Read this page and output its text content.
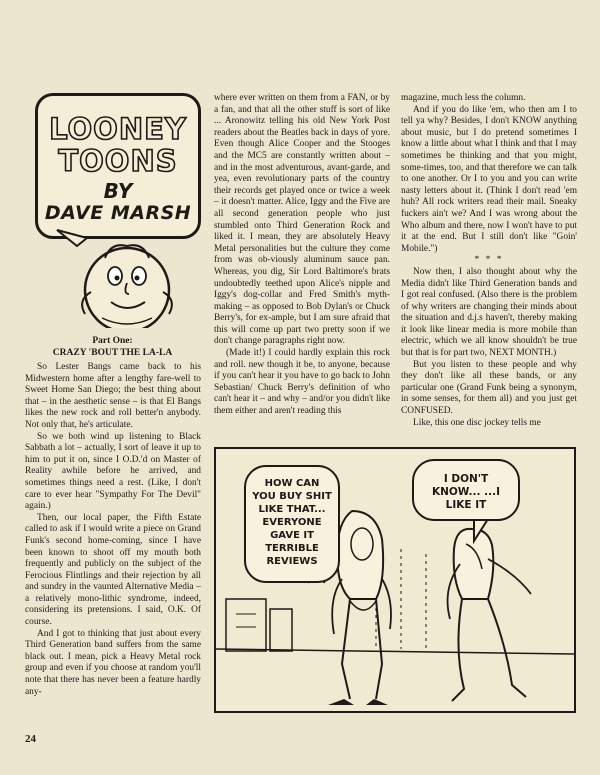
LOONEY
TOONS
BY
DAVE MARSH
Part One:
CRAZY 'BOUT THE LA-LA

So Lester Bangs came back to his Midwestern home after a lengthy fare-well to Sweet Home San Diego; the best thing about that – in the aesthetic sense – is that El Bangs likes the new rock and roll better'n anybody. Not only that, he's articulate.

So we both wind up listening to Black Sabbath a lot – actually, I sort of leave it up to him to put it on, since I O.D.'d on Master of Reality awhile before he arrived, and sometimes things need a rest. (Like, I don't care to ever hear "Sympathy For The Devil" again.)

Then, our local paper, the Fifth Estate called to ask if I would write a piece on Grand Funk's second home-coming, since I have been known to shoot off my mouth both frequently and publicly on the subject of the Ferocious Flintlings and their rejection by all and sundry in the vaunted Alternative Media – a relatively mono-lithic syndrome, indeed, considering its pretensions. I said, O.K. Of course.

And I got to thinking that just about every Third Generation band suffers from the same black out. I mean, pick a Heavy Metal rock group and even if you choose at random you'll note that there has never been a feature hardly any-

where ever written on them from a FAN, or by a fan, and that all the other stuff is sort of like ... Aronowitz telling his old New York Post readers about the Beatles back in days of yore. Even though Alice Cooper and the Stooges and the MC5 are constantly written about – and in the most adventurous, avant-garde, and yea, even revolutionary parts of the country their records get played once or twice a week – it doesn't matter. Alice, Iggy and the Five are all second generation people who just stumbled onto Third Generation Rock and liked it. I mean, they are absolutely Heavy Metal personalities but the culture they come from was ob-viously aluminum sauce pan. Whereas, you dig, Sir Lord Baltimore's brats undoubtedly teethed upon Alice's nipple and Iggy's dog-collar and Fred Smith's myth-making – as opposed to Bob Dylan's or Chuck Berry's, for ex-ample, but I am sure afraid that this will come up part two pretty soon if we don't change paragraphs right now.

(Made it!) I could hardly explain this rock and roll. new though it be, to anyone, because if you can't hear it you have to go back to John Sebastian/ Chuck Berry's definition of who can't hear it – and why – and/or you didn't like them either and aren't reading this

magazine, much less the column.

And if you do like 'em, who then am I to tell ya why? Besides, I don't KNOW anything about music, but I do pretend sometimes I know a little about what I think and that I may sometimes be thinking and that you might, some-times, too, and that therefore we can talk to one another. Or I to you and you can write nasty letters about it. (Think I don't read 'em huh? All rock writers read their mail. Sneaky fuckers ain't we? And I was wrong about the Who album and there, now I won't have to put it at the end. But I still don't like "Goin' Mobile.")

* * *

Now then, I also thought about why the Media didn't like Third Generation bands and I got real confused. (Also there is the problem of why writers are changing their minds about the situation and d.j.s haven't, thereby making it look like linear media is more mobile than electric, which we all know shouldn't be true but that is for part two, NEXT MONTH.)

But you listen to these people and why they don't like all these bands, or any particular one (Grand Funk being a synonym, in some senses, for them all) and you just get CONFUSED.

Like, this one disc jockey tells me

HOW CAN YOU BUY SHIT LIKE THAT... EVERYONE GAVE IT TERRIBLE REVIEWS
I DON'T KNOW... ...I LIKE IT
24
